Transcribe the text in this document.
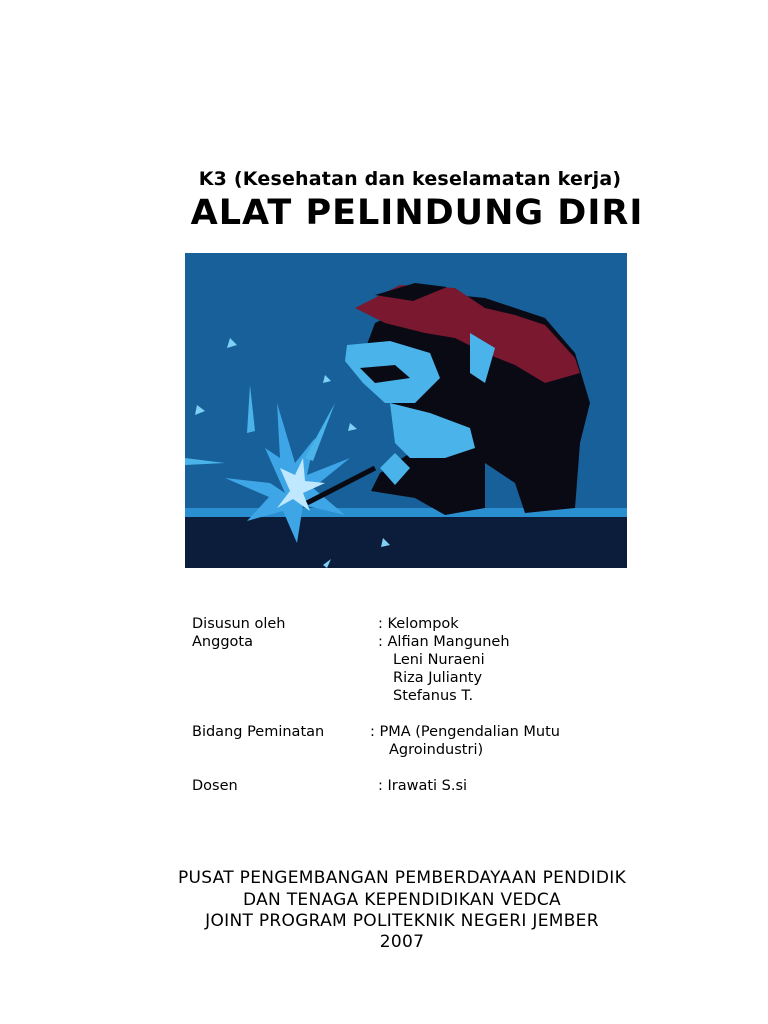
K3 (Kesehatan dan keselamatan kerja)
ALAT PELINDUNG DIRI
Disusun oleh	: Kelompok
Anggota	: Alfian Manguneh
Leni Nuraeni
Riza Julianty
Stefanus T.
Bidang Peminatan	: PMA (Pengendalian Mutu
Agroindustri)
Dosen	: Irawati S.si
PUSAT PENGEMBANGAN PEMBERDAYAAN PENDIDIK
DAN TENAGA KEPENDIDIKAN VEDCA
JOINT PROGRAM POLITEKNIK NEGERI JEMBER
2007
